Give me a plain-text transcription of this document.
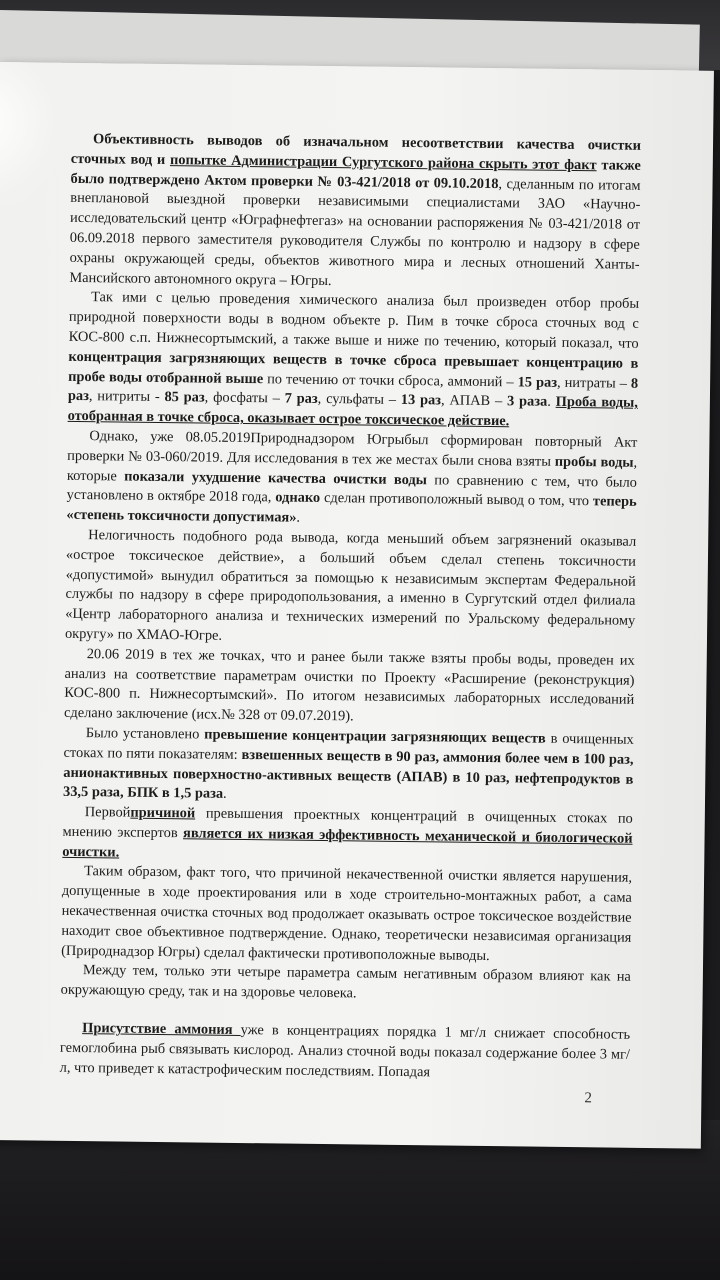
Объективность выводов об изначальном несоответствии качества очистки сточных вод и попытке Администрации Сургутского района скрыть этот факт также было подтверждено Актом проверки № 03-421/2018 от 09.10.2018, сделанным по итогам внеплановой выездной проверки независимыми специалистами ЗАО «Научно-исследовательский центр «Юграфнефтегаз» на основании распоряжения № 03-421/2018 от 06.09.2018 первого заместителя руководителя Службы по контролю и надзору в сфере охраны окружающей среды, объектов животного мира и лесных отношений Ханты-Мансийского автономного округа – Югры.

Так ими с целью проведения химического анализа был произведен отбор пробы природной поверхности воды в водном объекте р. Пим в точке сброса сточных вод с КОС-800 с.п. Нижнесортымский, а также выше и ниже по течению, который показал, что концентрация загрязняющих веществ в точке сброса превышает концентрацию в пробе воды отобранной выше по течению от точки сброса, аммоний – 15 раз, нитраты – 8 раз, нитриты - 85 раз, фосфаты – 7 раз, сульфаты – 13 раз, АПАВ – 3 раза. Проба воды, отобранная в точке сброса, оказывает острое токсическое действие.

Однако, уже 08.05.2019Природнадзором Югрыбыл сформирован повторный Акт проверки № 03-060/2019. Для исследования в тех же местах были снова взяты пробы воды, которые показали ухудшение качества очистки воды по сравнению с тем, что было установлено в октябре 2018 года, однако сделан противоположный вывод о том, что теперь «степень токсичности допустимая».

Нелогичность подобного рода вывода, когда меньший объем загрязнений оказывал «острое токсическое действие», а больший объем сделал степень токсичности «допустимой» вынудил обратиться за помощью к независимым экспертам Федеральной службы по надзору в сфере природопользования, а именно в Сургутский отдел филиала «Центр лабораторного анализа и технических измерений по Уральскому федеральному округу» по ХМАО-Югре.

20.06 2019 в тех же точках, что и ранее были также взяты пробы воды, проведен их анализ на соответствие параметрам очистки по Проекту «Расширение (реконструкция) КОС-800 п. Нижнесортымский». По итогом независимых лабораторных исследований сделано заключение (исх.№ 328 от 09.07.2019).

Было установлено превышение концентрации загрязняющих веществ в очищенных стоках по пяти показателям: взвешенных веществ в 90 раз, аммония более чем в 100 раз, анионактивных поверхностно-активных веществ (АПАВ) в 10 раз, нефтепродуктов в 33,5 раза, БПК в 1,5 раза.

Первойпричиной превышения проектных концентраций в очищенных стоках по мнению экспертов является их низкая эффективность механической и биологической очистки.

Таким образом, факт того, что причиной некачественной очистки является нарушения, допущенные в ходе проектирования или в ходе строительно-монтажных работ, а сама некачественная очистка сточных вод продолжает оказывать острое токсическое воздействие находит свое объективное подтверждение. Однако, теоретически независимая организация (Природнадзор Югры) сделал фактически противоположные выводы.

Между тем, только эти четыре параметра самым негативным образом влияют как на окружающую среду, так и на здоровье человека.

Присутствие аммония уже в концентрациях порядка 1 мг/л снижает способность гемоглобина рыб связывать кислород. Анализ сточной воды показал содержание более 3 мг/л, что приведет к катастрофическим последствиям. Попадая

2
